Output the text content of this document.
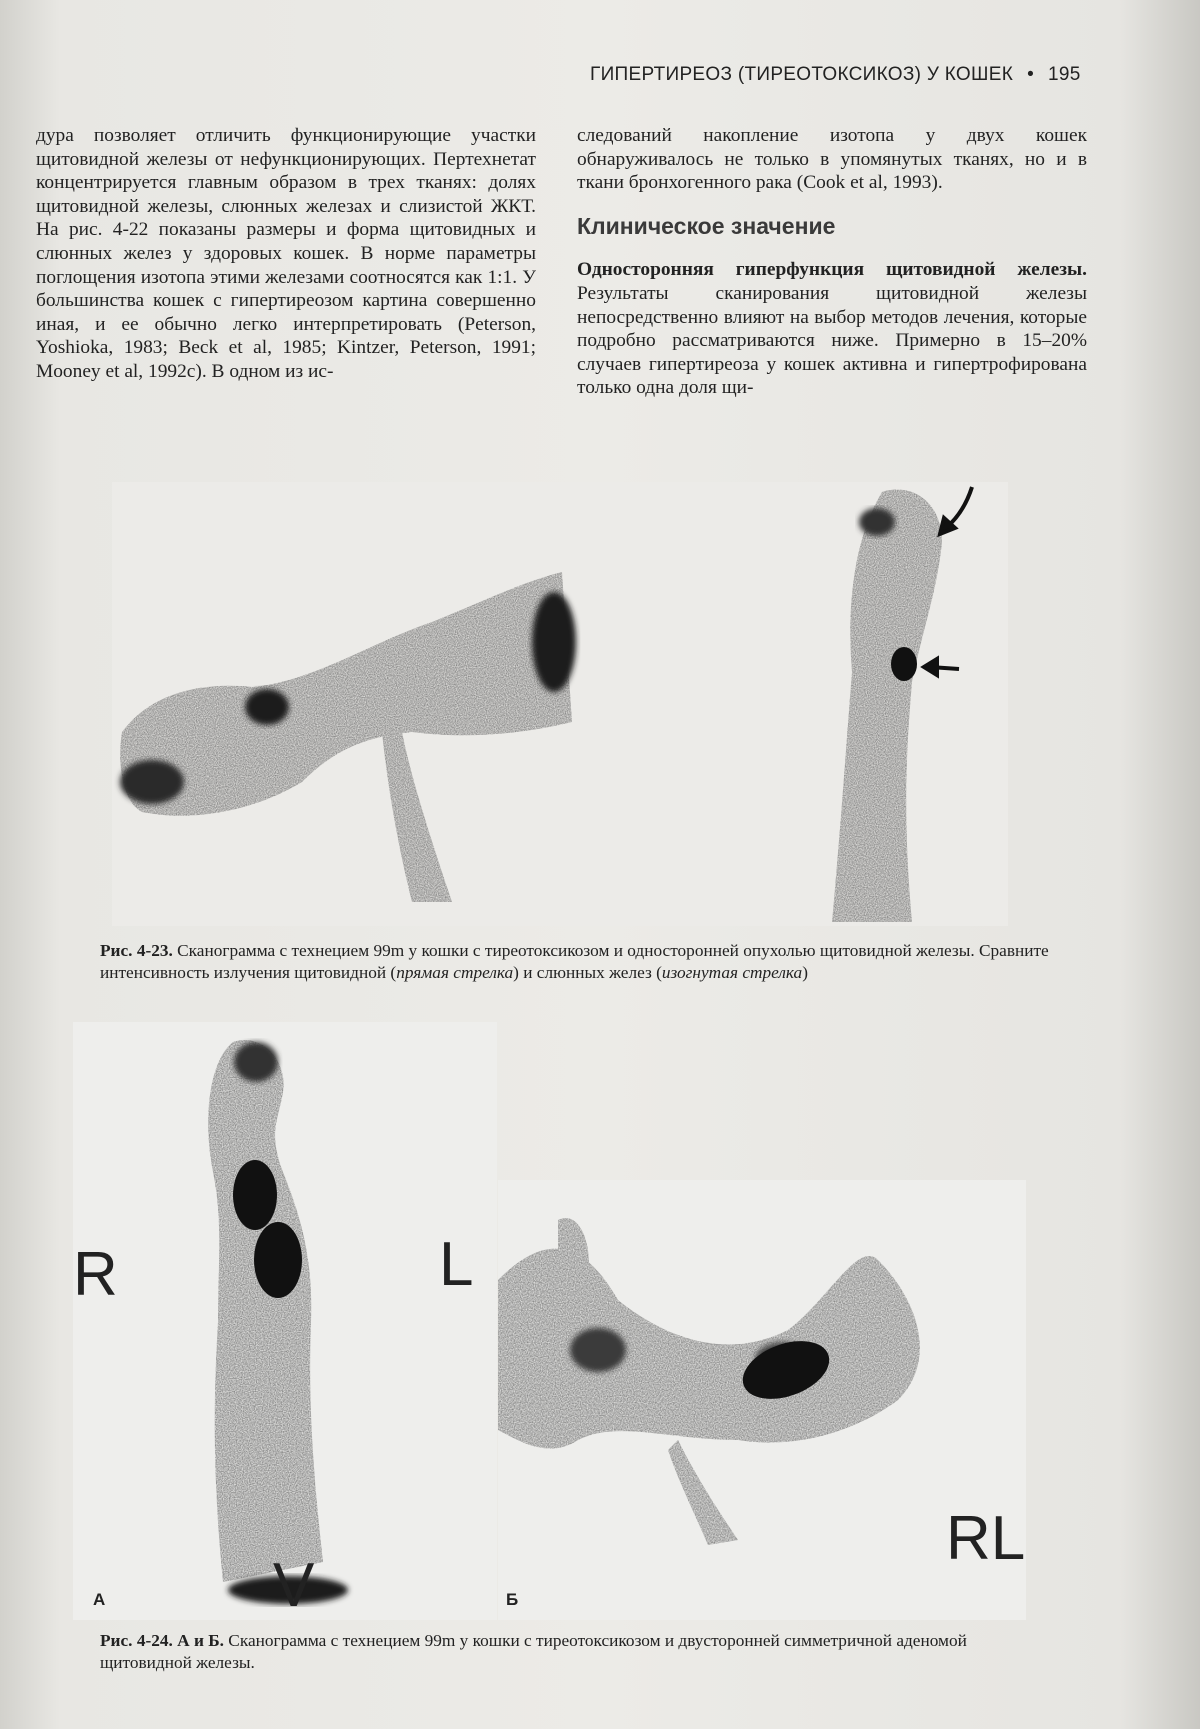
ГИПЕРТИРЕОЗ (ТИРЕОТОКСИКОЗ) У КОШЕК • 195

дура позволяет отличить функционирующие участки щитовидной железы от нефункционирующих. Пертехнетат концентрируется главным образом в трех тканях: долях щитовидной железы, слюнных железах и слизистой ЖКТ. На рис. 4-22 показаны размеры и форма щитовидных и слюнных желез у здоровых кошек. В норме параметры поглощения изотопа этими железами соотносятся как 1:1. У большинства кошек с гипертиреозом картина совершенно иная, и ее обычно легко интерпретировать (Peterson, Yoshioka, 1983; Beck et al, 1985; Kintzer, Peterson, 1991; Mooney et al, 1992c). В одном из ис-

следований накопление изотопа у двух кошек обнаруживалось не только в упомянутых тканях, но и в ткани бронхогенного рака (Cook et al, 1993).

Клиническое значение

Односторонняя гиперфункция щитовидной железы. Результаты сканирования щитовидной железы непосредственно влияют на выбор методов лечения, которые подробно рассматриваются ниже. Примерно в 15–20% случаев гипертиреоза у кошек активна и гипертрофирована только одна доля щи-

Рис. 4-23. Сканограмма с технецием 99m у кошки с тиреотоксикозом и односторонней опухолью щитовидной железы. Сравните интенсивность излучения щитовидной (прямая стрелка) и слюнных желез (изогнутая стрелка)
R	L
V
А
RL
Б
Рис. 4-24. А и Б. Сканограмма с технецием 99m у кошки с тиреотоксикозом и двусторонней симметричной аденомой щитовидной железы.
